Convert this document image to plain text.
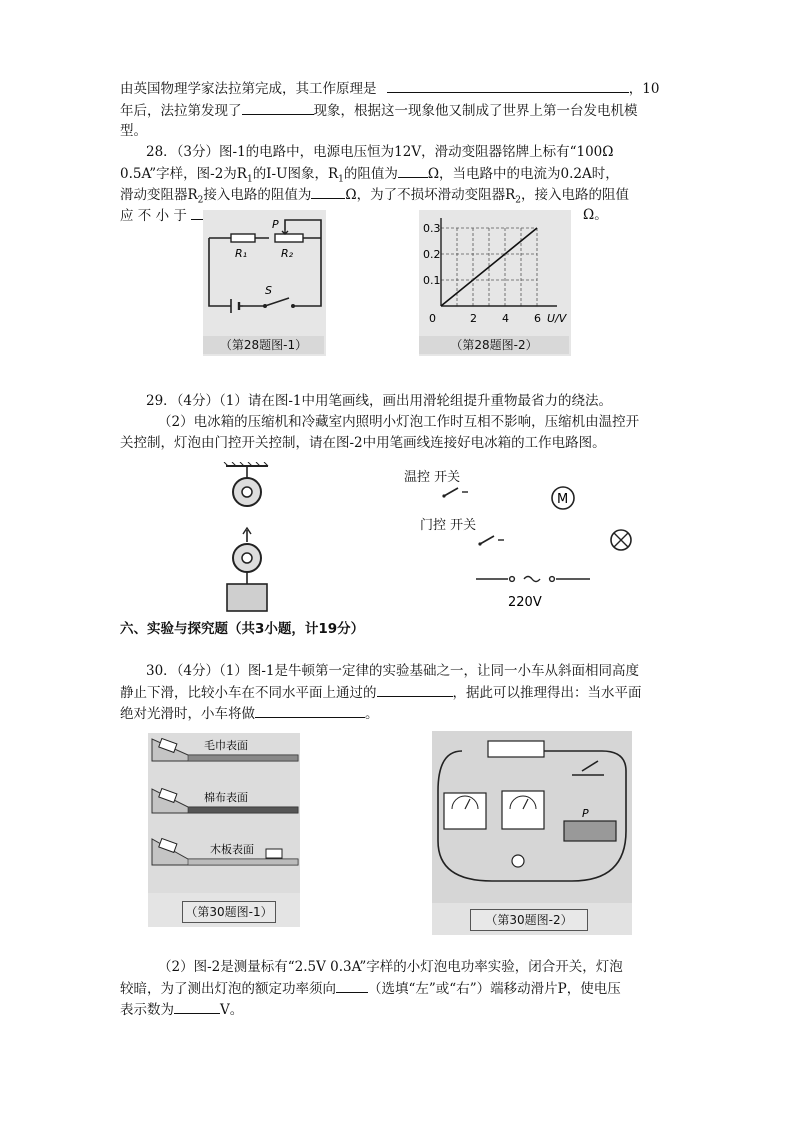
由英国物理学家法拉第完成，其工作原理是	，10
年后，法拉第发现了	现象，根据这一现象他又制成了世界上第一台发电机模
型。
28．（3分）图-1的电路中，电源电压恒为12V，滑动变阻器铭牌上标有“100Ω
0.5A”字样，图-2为$R_1$的I-U图象，$R_1$的阻值为 Ω，当电路中的电流为0.2A时，
滑动变阻器$R_2$接入电路的阻值为	Ω，为了不损坏滑动变阻器$R_2$，接入电路的阻值
应 不 小 于	Ω。
R₁	R₂
P
S
（第28题图-1）
0.1
0.2
0.3
2 4 6
0	U/V
（第28题图-2）
29．（4分）（1）请在图-1中用笔画线，画出用滑轮组提升重物最省力的绕法。
（2）电冰箱的压缩机和冷藏室内照明小灯泡工作时互相不影响，压缩机由温控开
关控制，灯泡由门控开关控制，请在图-2中用笔画线连接好电冰箱的工作电路图。
温控 开关
门控 开关
M
220V
六、实验与探究题（共3小题，计19分）
30．（4分）（1）图-1是牛顿第一定律的实验基础之一，让同一小车从斜面相同高度
静止下滑，比较小车在不同水平面上通过的	，据此可以推理得出：当水平面
绝对光滑时，小车将做	。
毛巾表面
棉布表面
木板表面
（第30题图-1）
P
（第30题图-2）
（2）图-2是测量标有“2.5V 0.3A”字样的小灯泡电功率实验，闭合开关，灯泡
较暗，为了测出灯泡的额定功率须向 （选填“左”或“右”）端移动滑片P，使电压
表示数为	V。
